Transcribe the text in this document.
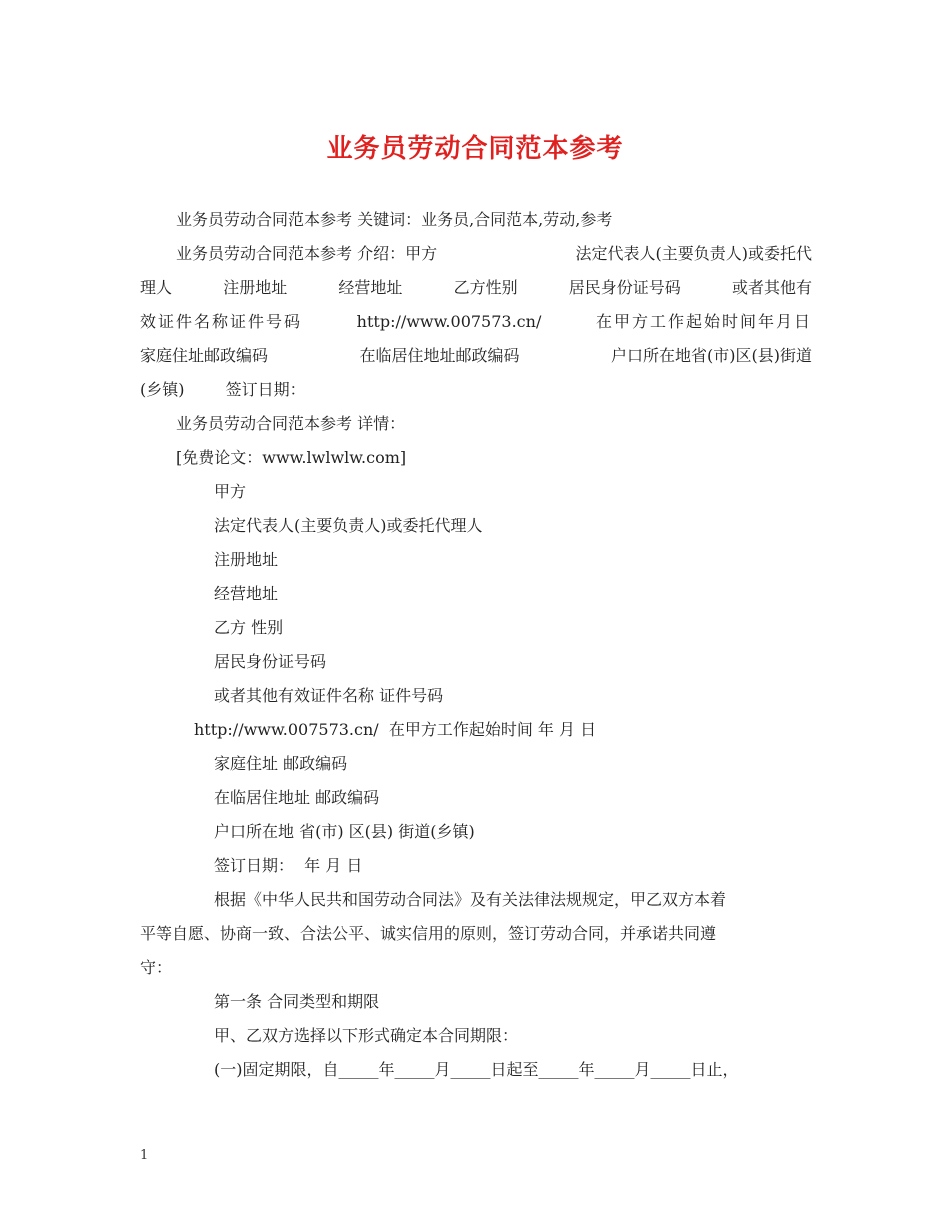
业务员劳动合同范本参考
业务员劳动合同范本参考 关键词：业务员,合同范本,劳动,参考
业务员劳动合同范本参考 介绍：甲方	法定代表人(主要负责人)或委托代
理人	注册地址	经营地址	乙方性别	居民身份证号码	或者其他有
效证件名称证件号码	http://www.007573.cn/	在甲方工作起始时间年月日
家庭住址邮政编码	在临居住地址邮政编码	户口所在地省(市)区(县)街道
(乡镇)	签订日期：
业务员劳动合同范本参考 详情：
[免费论文：www.lwlwlw.com]
甲方
法定代表人(主要负责人)或委托代理人
注册地址
经营地址
乙方 性别
居民身份证号码
或者其他有效证件名称 证件号码
http://www.007573.cn/  在甲方工作起始时间 年 月 日
家庭住址 邮政编码
在临居住地址 邮政编码
户口所在地 省(市) 区(县) 街道(乡镇)
签订日期：  年 月 日
根据《中华人民共和国劳动合同法》及有关法律法规规定，甲乙双方本着
平等自愿、协商一致、合法公平、诚实信用的原则，签订劳动合同，并承诺共同遵
守：
第一条 合同类型和期限
甲、乙双方选择以下形式确定本合同期限：
(一)固定期限，自_____年_____月_____日起至_____年_____月_____日止，
1
